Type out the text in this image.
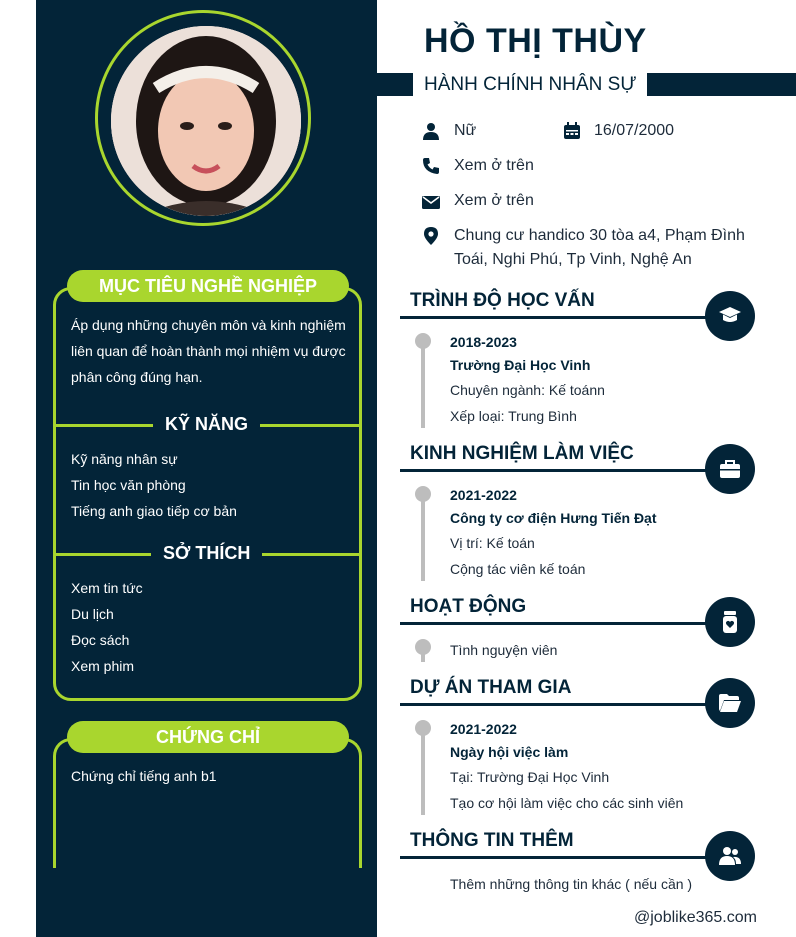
MỤC TIÊU NGHỀ NGHIỆP
Áp dụng những chuyên môn và kinh nghiệm liên quan để hoàn thành mọi nhiệm vụ được phân công đúng hạn.
KỸ NĂNG
Kỹ năng nhân sự
Tin học văn phòng
Tiếng anh giao tiếp cơ bản
SỞ THÍCH
Xem tin tức
Du lịch
Đọc sách
Xem phim
CHỨNG CHỈ
Chứng chỉ tiếng anh b1
HỒ THỊ THÙY
HÀNH CHÍNH NHÂN SỰ
Nữ	16/07/2000
Xem ở trên
Xem ở trên
Chung cư handico 30 tòa a4, Phạm Đình
Toái, Nghi Phú, Tp Vinh, Nghệ An
TRÌNH ĐỘ HỌC VẤN
2018-2023
Trường Đại Học Vinh
Chuyên ngành: Kế toánn
Xếp loại: Trung Bình
KINH NGHIỆM LÀM VIỆC
2021-2022
Công ty cơ điện Hưng Tiến Đạt
Vị trí: Kế toán
Cộng tác viên kế toán
HOẠT ĐỘNG
Tình nguyện viên
DỰ ÁN THAM GIA
2021-2022
Ngày hội việc làm
Tại: Trường Đại Học Vinh
Tạo cơ hội làm việc cho các sinh viên
THÔNG TIN THÊM
Thêm những thông tin khác ( nếu cần )
@joblike365.com
